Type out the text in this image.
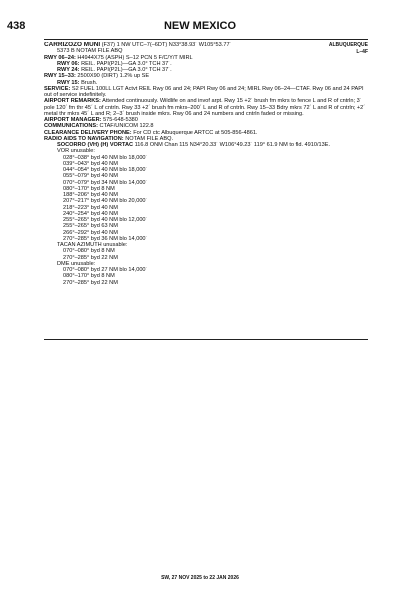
438	NEW MEXICO
ALBUQUERQUE
L–4F
CARRIZOZO MUNI (F37) 1 NW UTC–7(–6DT) N33°38.93´ W105°53.77´
5373 B NOTAM FILE ABQ
RWY 06–24: H4944X75 (ASPH) S–12 PCN 5 F/C/Y/T MIRL
RWY 06: REIL. PAPI(P2L)—GA 3.0° TCH 37´.
RWY 24: REIL. PAPI(P2L)—GA 3.0° TCH 37´.
RWY 15–33: 2500X90 (DIRT) 1.2% up SE
RWY 15: Brush.
SERVICE: S2 FUEL 100LL LGT Actvt REIL Rwy 06 and 24; PAPI Rwy 06 and 24; MIRL Rwy 06–24—CTAF. Rwy 06 and 24 PAPI out of service indefinitely.
AIRPORT REMARKS: Attended continuously. Wildlife on and invof arpt. Rwy 15 +2´ brush fm mkrs to fence L and R of cntrln; 3´ pole 120´ fm thr 45´ L of cntrln. Rwy 33 +2´ brush fm mkrs–200´ L and R of cntrln. Rwy 15–33 Bdry mkrs 72´ L and R of cntrln; +2´ metal thr mkrs 45´ L and R; 2–3´ brush inside mkrs. Rwy 06 and 24 numbers and cntrln faded or missing.
AIRPORT MANAGER: 575-648-5380
COMMUNICATIONS: CTAF/UNICOM 122.8
CLEARANCE DELIVERY PHONE: For CD ctc Albuquerque ARTCC at 505-856-4861.
RADIO AIDS TO NAVIGATION: NOTAM FILE ABQ.
SOCORRO (VH) (H) VORTAC 116.8 ONM Chan 115 N34°20.33´ W106°49.23´ 119° 61.9 NM to fld. 4910/13E.
VOR unusable:
028°–038° byd 40 NM blo 18,000´
039°–043° byd 40 NM
044°–054° byd 40 NM blo 18,000´
055°–079° byd 40 NM
070°–079° byd 34 NM blo 14,000´
080°–170° byd 8 NM
188°–206° byd 40 NM
207°–217° byd 40 NM blo 20,000´
218°–223° byd 40 NM
240°–254° byd 40 NM
255°–265° byd 40 NM blo 12,000´
255°–265° byd 63 NM
266°–292° byd 40 NM
270°–285° byd 36 NM blo 14,000´
TACAN AZIMUTH unusable:
070°–080° byd 8 NM
270°–285° byd 22 NM
DME unusable:
070°–080° byd 27 NM blo 14,000´
080°–170° byd 8 NM
270°–285° byd 22 NM
SW, 27 NOV 2025 to 22 JAN 2026
